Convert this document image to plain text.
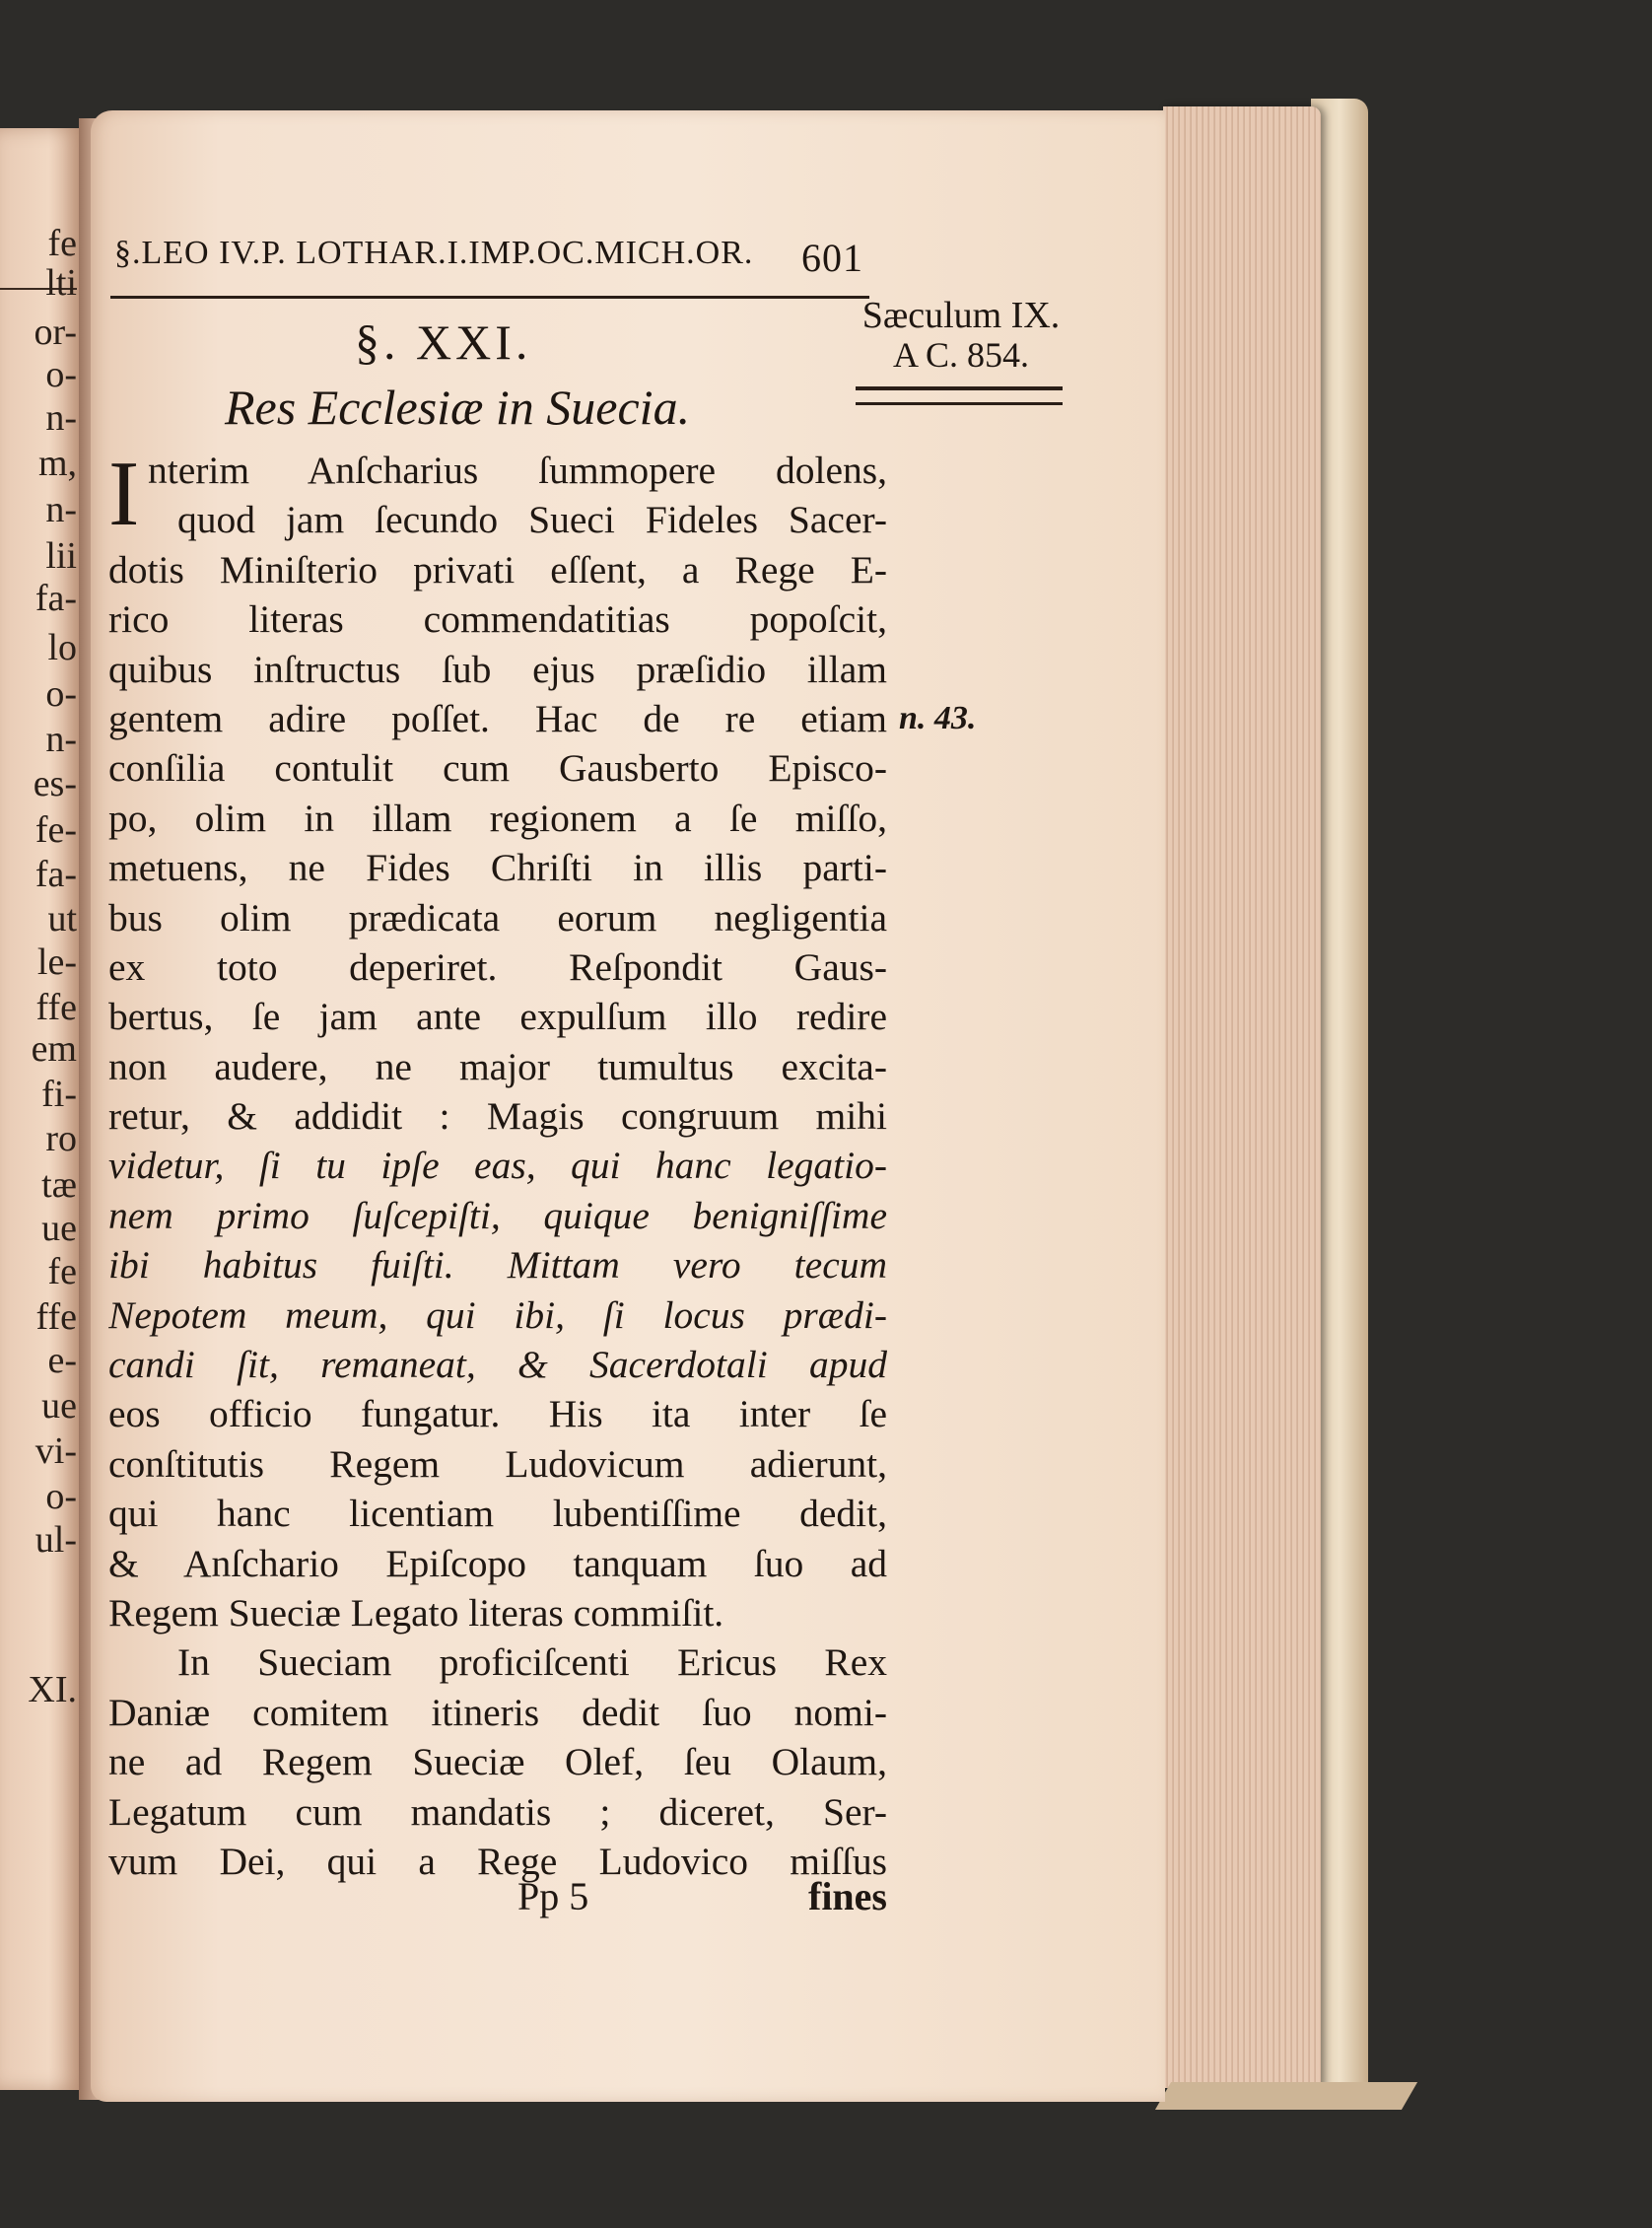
fe
lti
or-
o-
n-
m,
n-
lii
fa-
lo
o-
n-
es-
fe-
fa-
ut
le-
ffe
em
fi-
ro
tæ
ue
fe
ffe
e-
ue
vi-
o-
ul-
XI.
§.LEO IV.P. LOTHAR.I.IMP.OC.MICH.OR. 601
§. XXI.
Res Ecclesiæ in Suecia.
Sæculum IX.
A C. 854.
n. 43.
I nterim Anſcharius ſummopere dolens,
quod jam ſecundo Sueci Fideles Sacer-
dotis Miniſterio privati eſſent, a Rege E-
rico literas commendatitias popoſcit,
quibus inſtructus ſub ejus præſidio illam
gentem adire poſſet. Hac de re etiam
conſilia contulit cum Gausberto Episco-
po, olim in illam regionem a ſe miſſo,
metuens, ne Fides Chriſti in illis parti-
bus olim prædicata eorum negligentia
ex toto deperiret. Reſpondit Gaus-
bertus, ſe jam ante expulſum illo redire
non audere, ne major tumultus excita-
retur, & addidit : Magis congruum mihi
videtur, ſi tu ipſe eas, qui hanc legatio-
nem primo ſuſcepiſti, quique benigniſſime
ibi habitus fuiſti. Mittam vero tecum
Nepotem meum, qui ibi, ſi locus prædi-
candi ſit, remaneat, & Sacerdotali apud
eos officio fungatur. His ita inter ſe
conſtitutis Regem Ludovicum adierunt,
qui hanc licentiam lubentiſſime dedit,
& Anſchario Epiſcopo tanquam ſuo ad
Regem Sueciæ Legato literas commiſit.
In Sueciam proficiſcenti Ericus Rex
Daniæ comitem itineris dedit ſuo nomi-
ne ad Regem Sueciæ Olef, ſeu Olaum,
Legatum cum mandatis ; diceret, Ser-
vum Dei, qui a Rege Ludovico miſſus
Pp 5	fines
